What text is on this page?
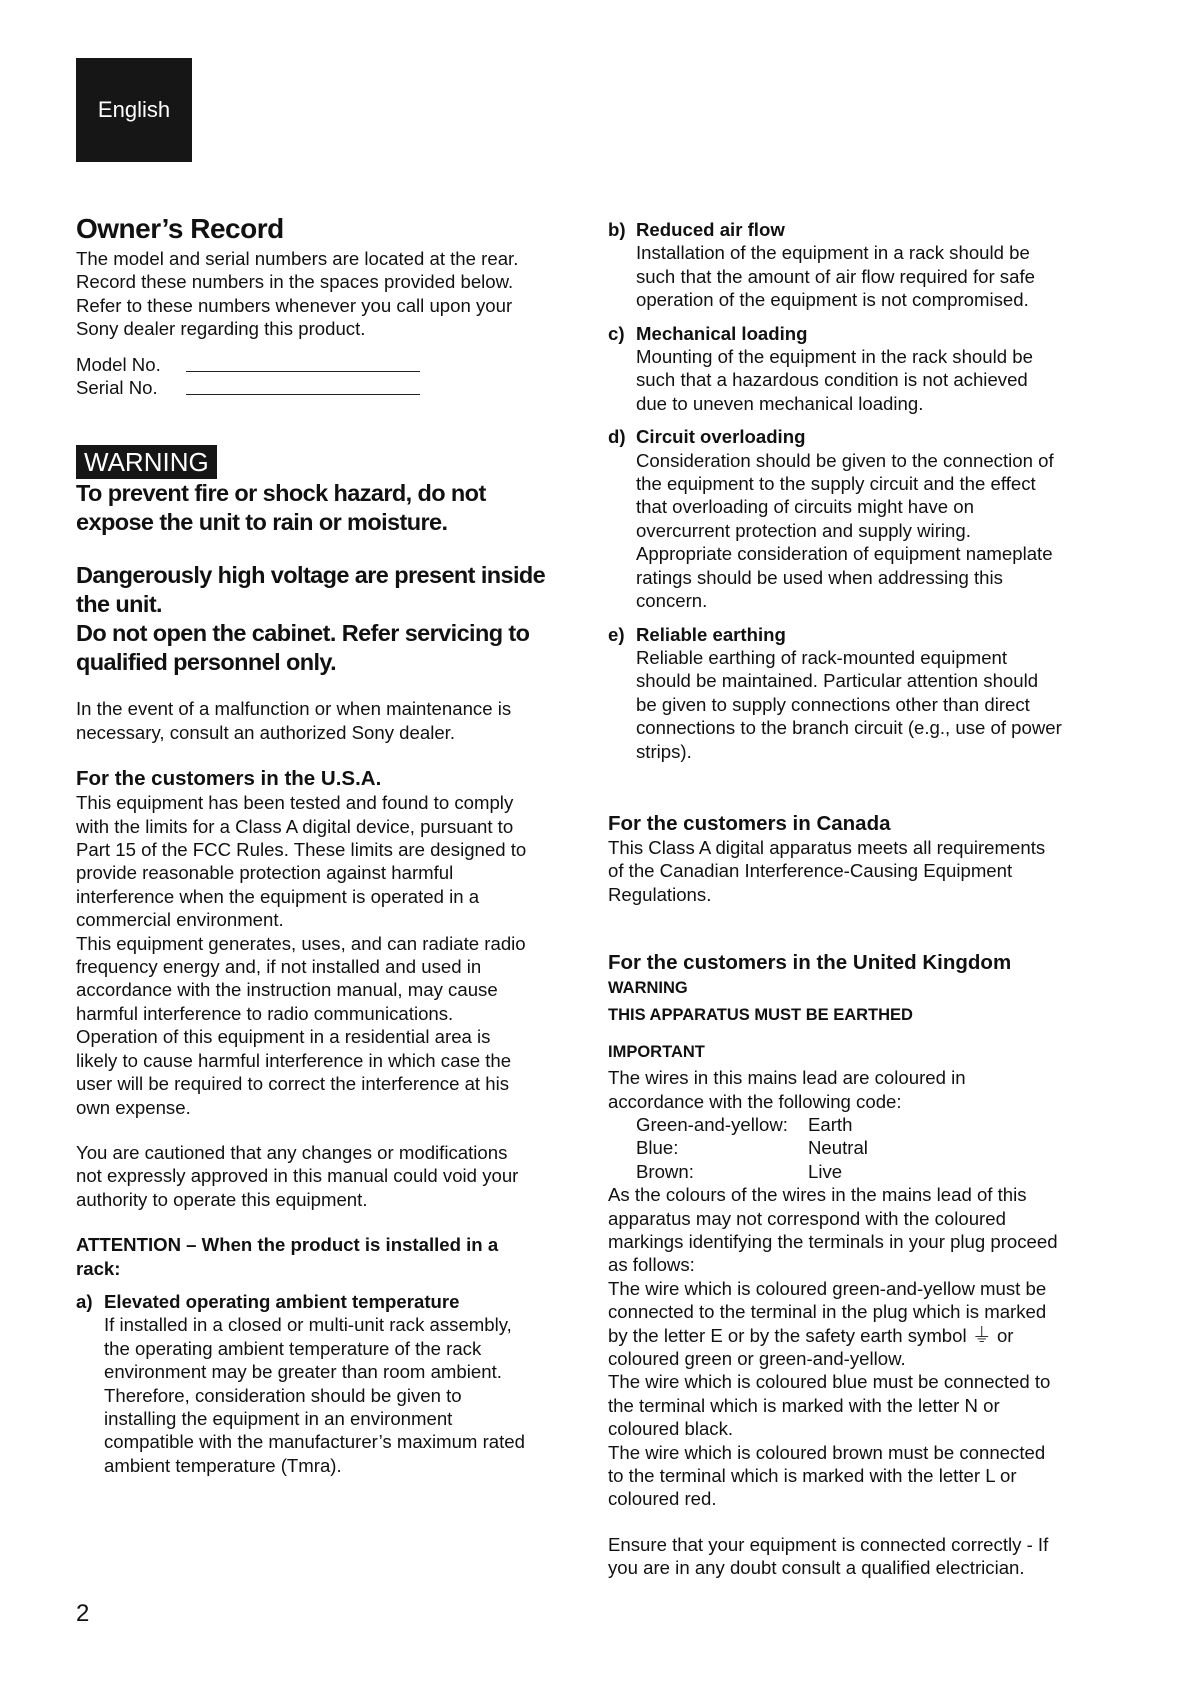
English
Owner’s Record

The model and serial numbers are located at the rear.

Record these numbers in the spaces provided below.

Refer to these numbers whenever you call upon your

Sony dealer regarding this product.

Model No.
Serial No.
WARNING
To prevent fire or shock hazard, do not
expose the unit to rain or moisture.
Dangerously high voltage are present inside
the unit.
Do not open the cabinet. Refer servicing to
qualified personnel only.

In the event of a malfunction or when maintenance is

necessary, consult an authorized Sony dealer.

For the customers in the U.S.A.

This equipment has been tested and found to comply

with the limits for a Class A digital device, pursuant to

Part 15 of the FCC Rules. These limits are designed to

provide reasonable protection against harmful

interference when the equipment is operated in a

commercial environment.

This equipment generates, uses, and can radiate radio

frequency energy and, if not installed and used in

accordance with the instruction manual, may cause

harmful interference to radio communications.

Operation of this equipment in a residential area is

likely to cause harmful interference in which case the

user will be required to correct the interference at his

own expense.

You are cautioned that any changes or modifications

not expressly approved in this manual could void your

authority to operate this equipment.

ATTENTION – When the product is installed in a
rack:
a) Elevated operating ambient temperature

If installed in a closed or multi-unit rack assembly,

the operating ambient temperature of the rack

environment may be greater than room ambient.

Therefore, consideration should be given to

installing the equipment in an environment

compatible with the manufacturer’s maximum rated

ambient temperature (Tmra).

b) Reduced air flow

Installation of the equipment in a rack should be

such that the amount of air flow required for safe

operation of the equipment is not compromised.

c) Mechanical loading

Mounting of the equipment in the rack should be

such that a hazardous condition is not achieved

due to uneven mechanical loading.

d) Circuit overloading

Consideration should be given to the connection of

the equipment to the supply circuit and the effect

that overloading of circuits might have on

overcurrent protection and supply wiring.

Appropriate consideration of equipment nameplate

ratings should be used when addressing this

concern.

e) Reliable earthing

Reliable earthing of rack-mounted equipment

should be maintained. Particular attention should

be given to supply connections other than direct

connections to the branch circuit (e.g., use of power

strips).

For the customers in Canada

This Class A digital apparatus meets all requirements

of the Canadian Interference-Causing Equipment

Regulations.

For the customers in the United Kingdom
WARNING
THIS APPARATUS MUST BE EARTHED
IMPORTANT

The wires in this mains lead are coloured in

accordance with the following code:

Green-and-yellow:	Earth
Blue:	Neutral
Brown:	Live

As the colours of the wires in the mains lead of this

apparatus may not correspond with the coloured

markings identifying the terminals in your plug proceed

as follows:

The wire which is coloured green-and-yellow must be

connected to the terminal in the plug which is marked

by the letter E or by the safety earth symbol ⏚ or

coloured green or green-and-yellow.

The wire which is coloured blue must be connected to

the terminal which is marked with the letter N or

coloured black.

The wire which is coloured brown must be connected

to the terminal which is marked with the letter L or

coloured red.

Ensure that your equipment is connected correctly - If

you are in any doubt consult a qualified electrician.

2
